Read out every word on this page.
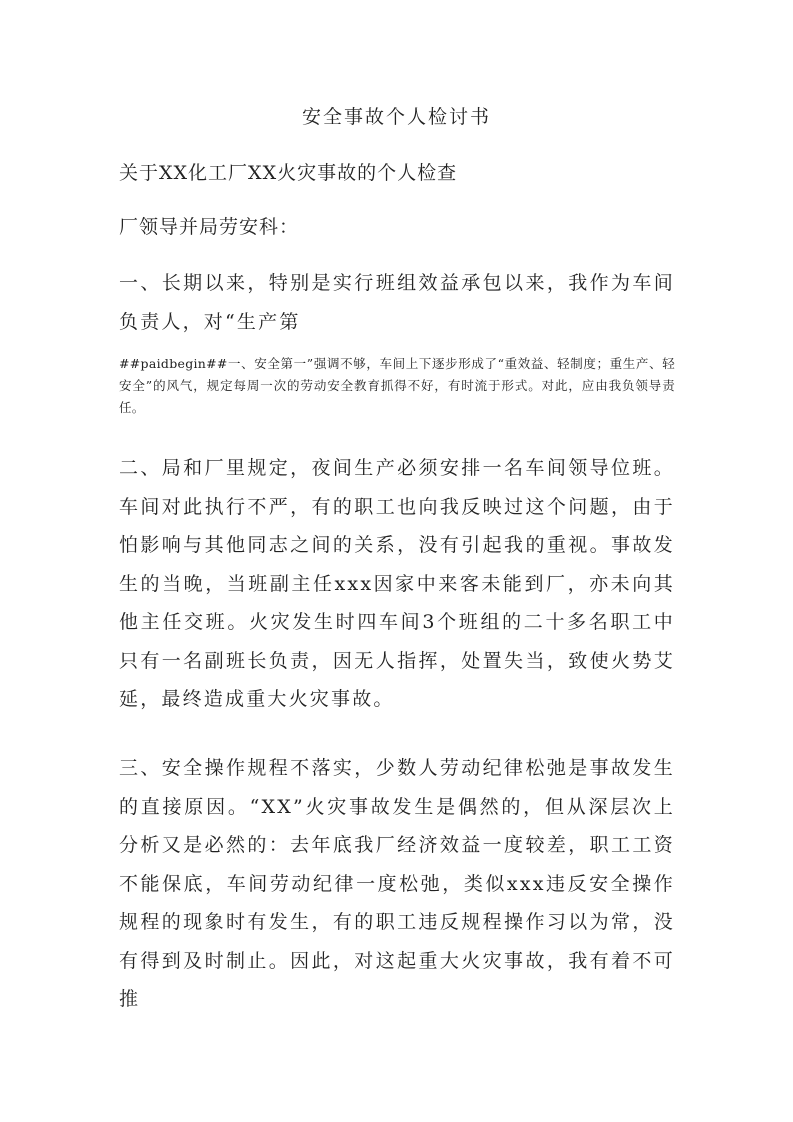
安全事故个人检讨书
关于XX化工厂XX火灾事故的个人检查
厂领导并局劳安科：
一、长期以来，特别是实行班组效益承包以来，我作为车间负责人，对“生产第
##paidbegin##一、安全第一”强调不够，车间上下逐步形成了“重效益、轻制度；重生产、轻安全”的风气，规定每周一次的劳动安全教育抓得不好，有时流于形式。对此，应由我负领导责任。
二、局和厂里规定，夜间生产必须安排一名车间领导位班。车间对此执行不严，有的职工也向我反映过这个问题，由于怕影响与其他同志之间的关系，没有引起我的重视。事故发生的当晚，当班副主任xxx因家中来客未能到厂，亦未向其他主任交班。火灾发生时四车间3个班组的二十多名职工中只有一名副班长负责，因无人指挥，处置失当，致使火势艾延，最终造成重大火灾事故。
三、安全操作规程不落实，少数人劳动纪律松弛是事故发生的直接原因。“XX”火灾事故发生是偶然的，但从深层次上分析又是必然的：去年底我厂经济效益一度较差，职工工资不能保底，车间劳动纪律一度松弛，类似xxx违反安全操作规程的现象时有发生，有的职工违反规程操作习以为常，没有得到及时制止。因此，对这起重大火灾事故，我有着不可推
